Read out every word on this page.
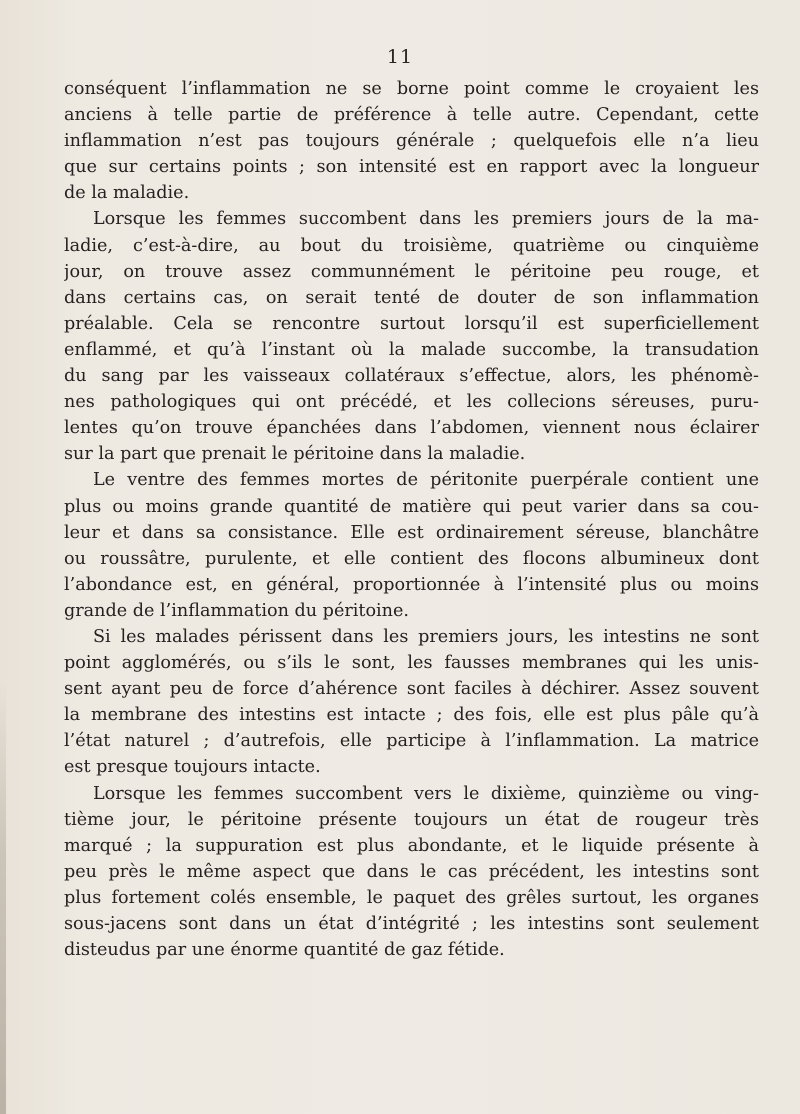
11
conséquent l’inflammation ne se borne point comme le croyaient les
anciens à telle partie de préférence à telle autre. Cependant, cette
inflammation n’est pas toujours générale ; quelquefois elle n’a lieu
que sur certains points ; son intensité est en rapport avec la longueur
de la maladie.
Lorsque les femmes succombent dans les premiers jours de la ma-
ladie, c’est-à-dire, au bout du troisième, quatrième ou cinquième
jour, on trouve assez communnément le péritoine peu rouge, et
dans certains cas, on serait tenté de douter de son inflammation
préalable. Cela se rencontre surtout lorsqu’il est superficiellement
enflammé, et qu’à l’instant où la malade succombe, la transudation
du sang par les vaisseaux collatéraux s’effectue, alors, les phénomè-
nes pathologiques qui ont précédé, et les collecions séreuses, puru-
lentes qu’on trouve épanchées dans l’abdomen, viennent nous éclairer
sur la part que prenait le péritoine dans la maladie.
Le ventre des femmes mortes de péritonite puerpérale contient une
plus ou moins grande quantité de matière qui peut varier dans sa cou-
leur et dans sa consistance. Elle est ordinairement séreuse, blanchâtre
ou roussâtre, purulente, et elle contient des flocons albumineux dont
l’abondance est, en général, proportionnée à l’intensité plus ou moins
grande de l’inflammation du péritoine.
Si les malades périssent dans les premiers jours, les intestins ne sont
point agglomérés, ou s’ils le sont, les fausses membranes qui les unis-
sent ayant peu de force d’ahérence sont faciles à déchirer. Assez souvent
la membrane des intestins est intacte ; des fois, elle est plus pâle qu’à
l’état naturel ; d’autrefois, elle participe à l’inflammation. La matrice
est presque toujours intacte.
Lorsque les femmes succombent vers le dixième, quinzième ou ving-
tième jour, le péritoine présente toujours un état de rougeur très
marqué ; la suppuration est plus abondante, et le liquide présente à
peu près le même aspect que dans le cas précédent, les intestins sont
plus fortement colés ensemble, le paquet des grêles surtout, les organes
sous-jacens sont dans un état d’intégrité ; les intestins sont seulement
disteudus par une énorme quantité de gaz fétide.
